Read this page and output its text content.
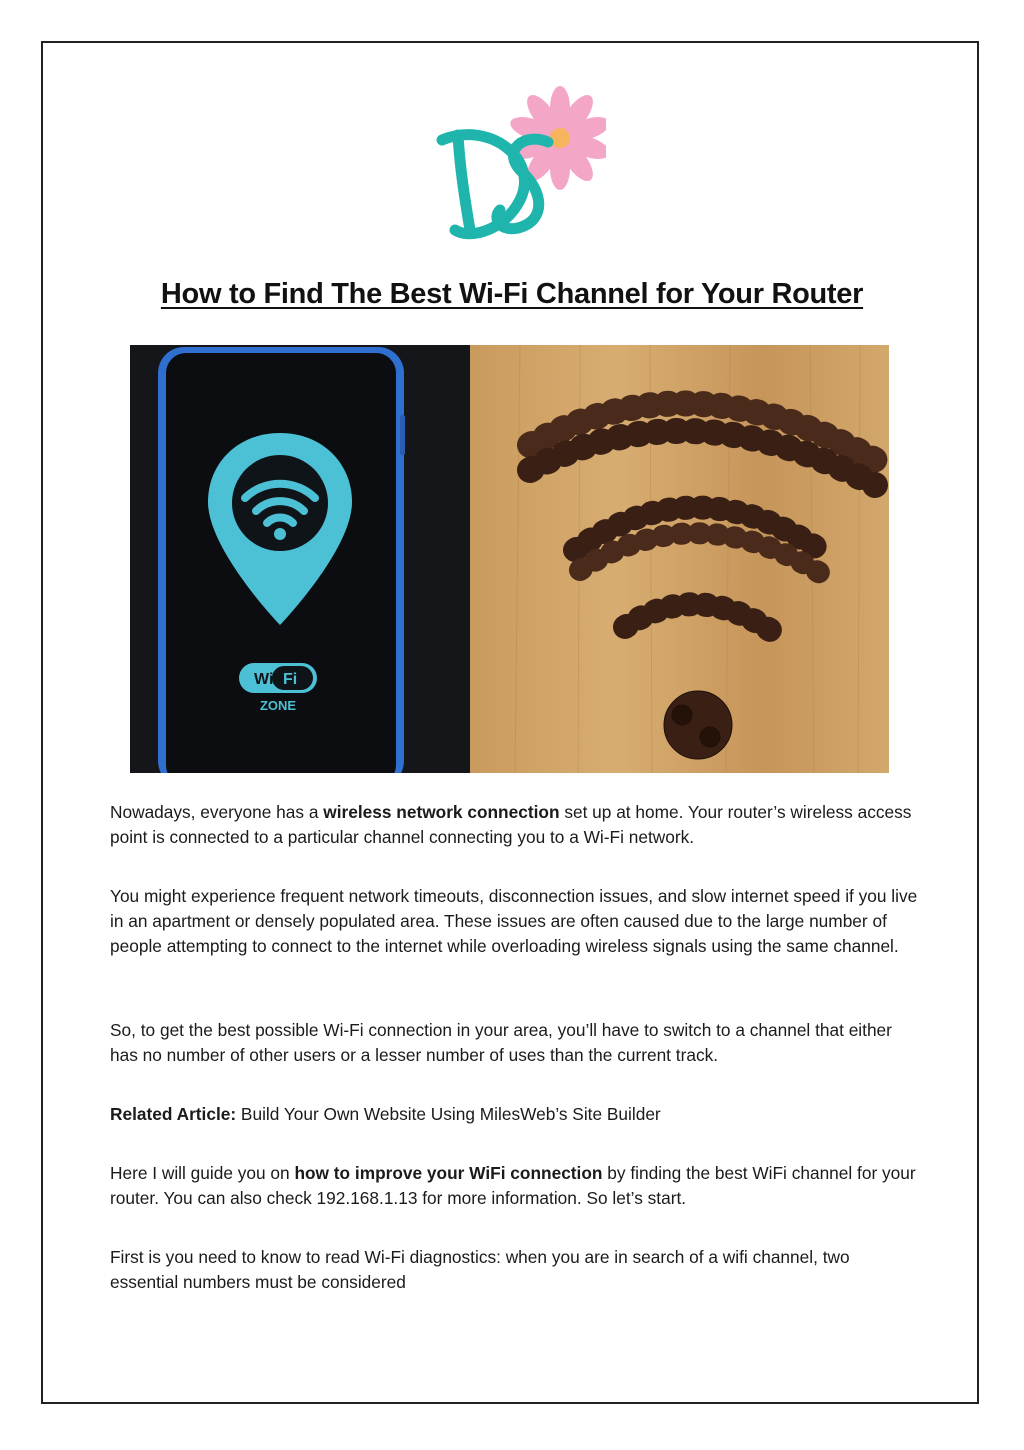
How to Find The Best Wi-Fi Channel for Your Router
Wi Fi
ZONE

Nowadays, everyone has a wireless network connection set up at home. Your router’s wireless access point is connected to a particular channel connecting you to a Wi-Fi network.

You might experience frequent network timeouts, disconnection issues, and slow internet speed if you live in an apartment or densely populated area. These issues are often caused due to the large number of people attempting to connect to the internet while overloading wireless signals using the same channel.

So, to get the best possible Wi-Fi connection in your area, you’ll have to switch to a channel that either has no number of other users or a lesser number of uses than the current track.

Related Article: Build Your Own Website Using MilesWeb’s Site Builder

Here I will guide you on how to improve your WiFi connection by finding the best WiFi channel for your router. You can also check 192.168.1.13 for more information. So let’s start.

First is you need to know to read Wi-Fi diagnostics: when you are in search of a wifi channel, two essential numbers must be considered
